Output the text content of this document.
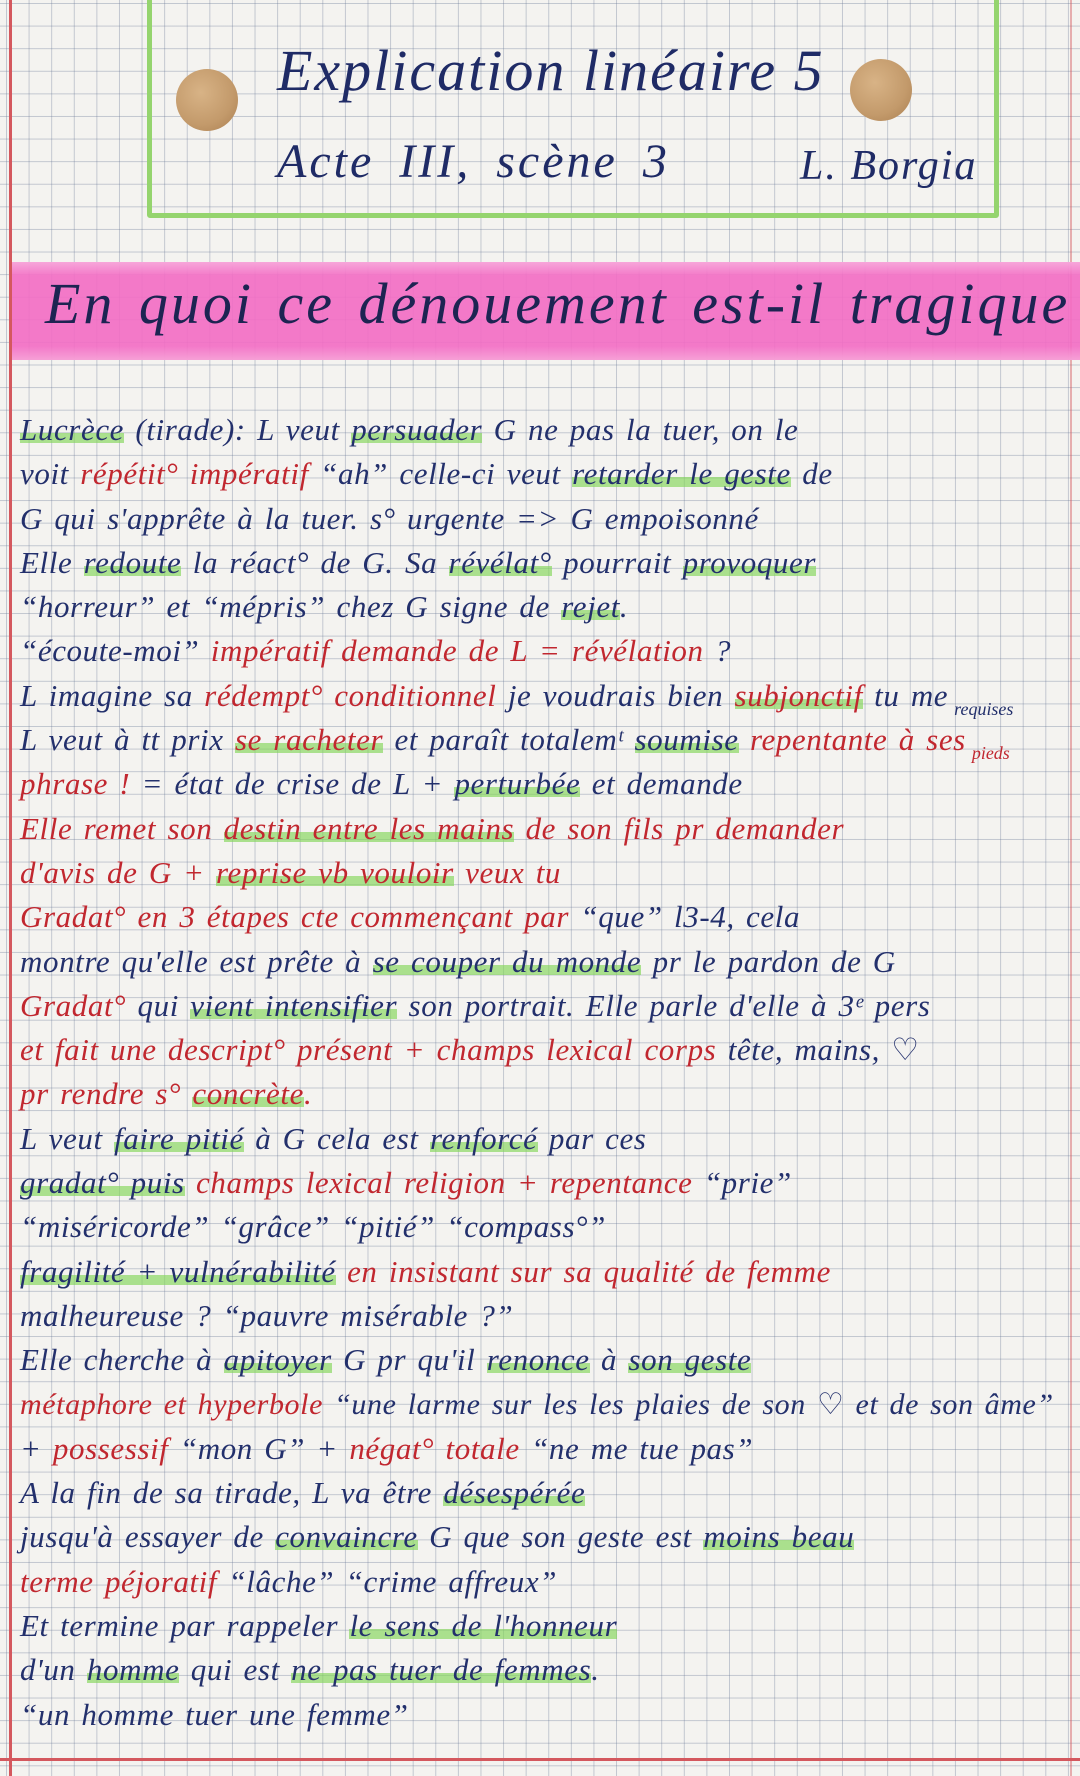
Explication linéaire 5
Acte III, scène 3	L. Borgia
En quoi ce dénouement est-il tragique
Lucrèce (tirade): L veut persuader G ne pas la tuer, on le
voit répétit° impératif “ah” celle-ci veut retarder le geste de
G qui s'apprête à la tuer. s° urgente => G empoisonné
Elle redoute la réact° de G. Sa révélat° pourrait provoquer
“horreur” et “mépris” chez G signe de rejet.
“écoute-moi” impératif demande de L = révélation ?
L imagine sa rédempt° conditionnel je voudrais bien subjonctif tu me $_{requises}$
L veut à tt prix se racheter et paraît totalemᵗ soumise repentante à ses $_{pieds}$
phrase ! = état de crise de L + perturbée et demande
Elle remet son destin entre les mains de son fils pr demander
d'avis de G + reprise vb vouloir veux tu
Gradat° en 3 étapes cte commençant par “que” l3-4, cela
montre qu'elle est prête à se couper du monde pr le pardon de G
Gradat° qui vient intensifier son portrait. Elle parle d'elle à 3ᵉ pers
et fait une descript° présent + champs lexical corps tête, mains, ♡
pr rendre s° concrète.
L veut faire pitié à G cela est renforcé par ces
gradat° puis champs lexical religion + repentance “prie”
“miséricorde” “grâce” “pitié” “compass°”
fragilité + vulnérabilité en insistant sur sa qualité de femme
malheureuse ? “pauvre misérable ?”
Elle cherche à apitoyer G pr qu'il renonce à son geste
métaphore et hyperbole “une larme sur les les plaies de son ♡ et de son âme”
+ possessif “mon G” + négat° totale “ne me tue pas”
A la fin de sa tirade, L va être désespérée
jusqu'à essayer de convaincre G que son geste est moins beau
terme péjoratif “lâche” “crime affreux”
Et termine par rappeler le sens de l'honneur
d'un homme qui est ne pas tuer de femmes.
“un homme tuer une femme”
